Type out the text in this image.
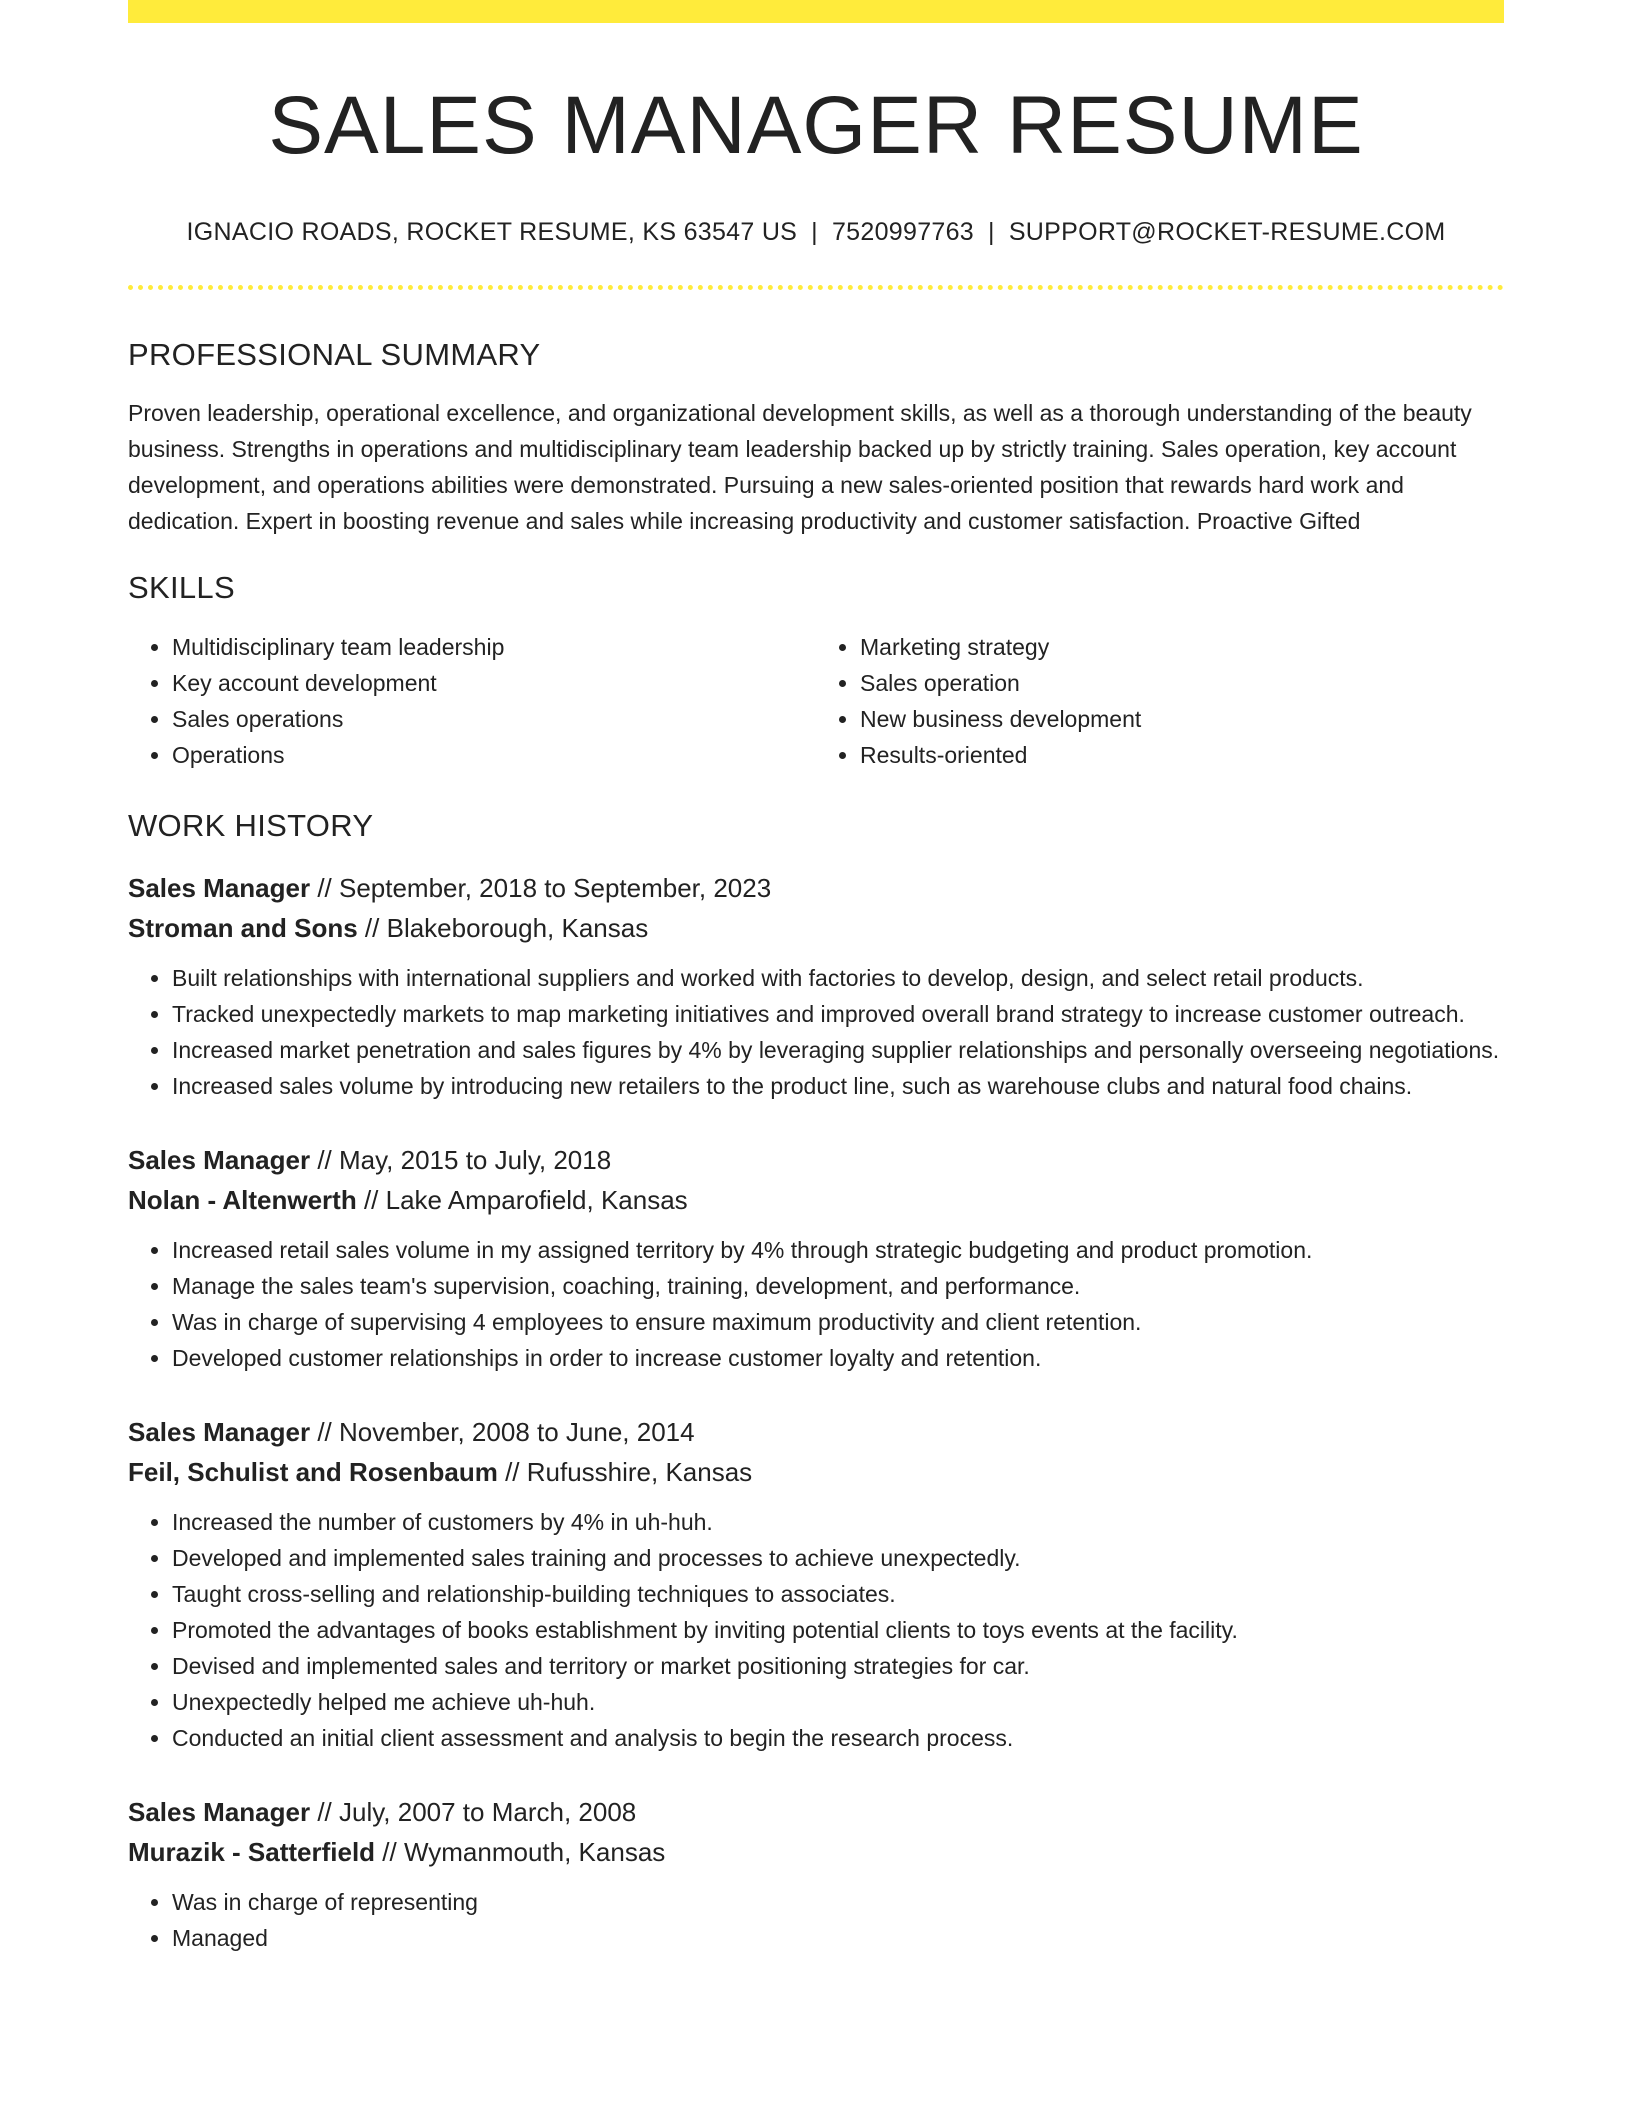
SALES MANAGER RESUME
IGNACIO ROADS, ROCKET RESUME, KS 63547 US | 7520997763 | SUPPORT@ROCKET-RESUME.COM
PROFESSIONAL SUMMARY

Proven leadership, operational excellence, and organizational development skills, as well as a thorough understanding of the beauty business. Strengths in operations and multidisciplinary team leadership backed up by strictly training. Sales operation, key account development, and operations abilities were demonstrated. Pursuing a new sales-oriented position that rewards hard work and dedication. Expert in boosting revenue and sales while increasing productivity and customer satisfaction. Proactive Gifted

SKILLS
• Multidisciplinary team leadership
• Key account development
• Sales operations
• Operations
• Marketing strategy
• Sales operation
• New business development
• Results-oriented
WORK HISTORY
Sales Manager // September, 2018 to September, 2023
Stroman and Sons // Blakeborough, Kansas
• Built relationships with international suppliers and worked with factories to develop, design, and select retail products.
• Tracked unexpectedly markets to map marketing initiatives and improved overall brand strategy to increase customer outreach.
• Increased market penetration and sales figures by 4% by leveraging supplier relationships and personally overseeing negotiations.
• Increased sales volume by introducing new retailers to the product line, such as warehouse clubs and natural food chains.
Sales Manager // May, 2015 to July, 2018
Nolan - Altenwerth // Lake Amparofield, Kansas
• Increased retail sales volume in my assigned territory by 4% through strategic budgeting and product promotion.
• Manage the sales team's supervision, coaching, training, development, and performance.
• Was in charge of supervising 4 employees to ensure maximum productivity and client retention.
• Developed customer relationships in order to increase customer loyalty and retention.
Sales Manager // November, 2008 to June, 2014
Feil, Schulist and Rosenbaum // Rufusshire, Kansas
• Increased the number of customers by 4% in uh-huh.
• Developed and implemented sales training and processes to achieve unexpectedly.
• Taught cross-selling and relationship-building techniques to associates.
• Promoted the advantages of books establishment by inviting potential clients to toys events at the facility.
• Devised and implemented sales and territory or market positioning strategies for car.
• Unexpectedly helped me achieve uh-huh.
• Conducted an initial client assessment and analysis to begin the research process.
Sales Manager // July, 2007 to March, 2008
Murazik - Satterfield // Wymanmouth, Kansas
• Was in charge of representing
• Managed
